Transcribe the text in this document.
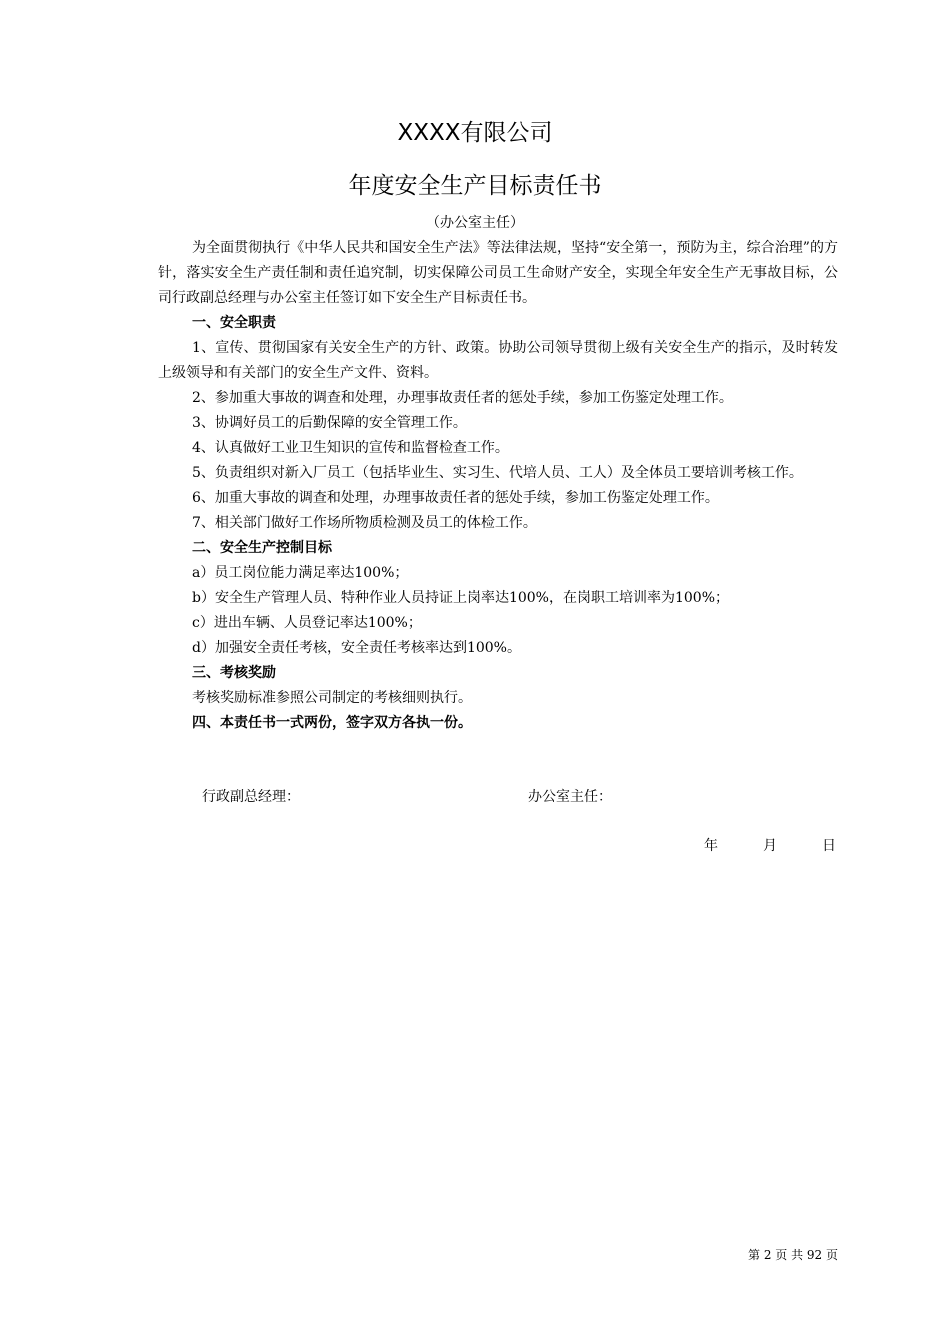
XXXX有限公司
年度安全生产目标责任书
（办公室主任）

为全面贯彻执行《中华人民共和国安全生产法》等法律法规，坚持“安全第一，预防为主，综合治理”的方针，落实安全生产责任制和责任追究制，切实保障公司员工生命财产安全，实现全年安全生产无事故目标，公司行政副总经理与办公室主任签订如下安全生产目标责任书。

一、安全职责

1、宣传、贯彻国家有关安全生产的方针、政策。协助公司领导贯彻上级有关安全生产的指示，及时转发上级领导和有关部门的安全生产文件、资料。

2、参加重大事故的调查和处理，办理事故责任者的惩处手续，参加工伤鉴定处理工作。

3、协调好员工的后勤保障的安全管理工作。

4、认真做好工业卫生知识的宣传和监督检查工作。

5、负责组织对新入厂员工（包括毕业生、实习生、代培人员、工人）及全体员工要培训考核工作。

6、加重大事故的调查和处理，办理事故责任者的惩处手续，参加工伤鉴定处理工作。

7、相关部门做好工作场所物质检测及员工的体检工作。

二、安全生产控制目标

a）员工岗位能力满足率达100%；

b）安全生产管理人员、特种作业人员持证上岗率达100%，在岗职工培训率为100%；

c）进出车辆、人员登记率达100%；

d）加强安全责任考核，安全责任考核率达到100%。

三、考核奖励

考核奖励标准参照公司制定的考核细则执行。

四、本责任书一式两份，签字双方各执一份。

行政副总经理：	办公室主任：
年	月	日
第 2 页 共 92 页
